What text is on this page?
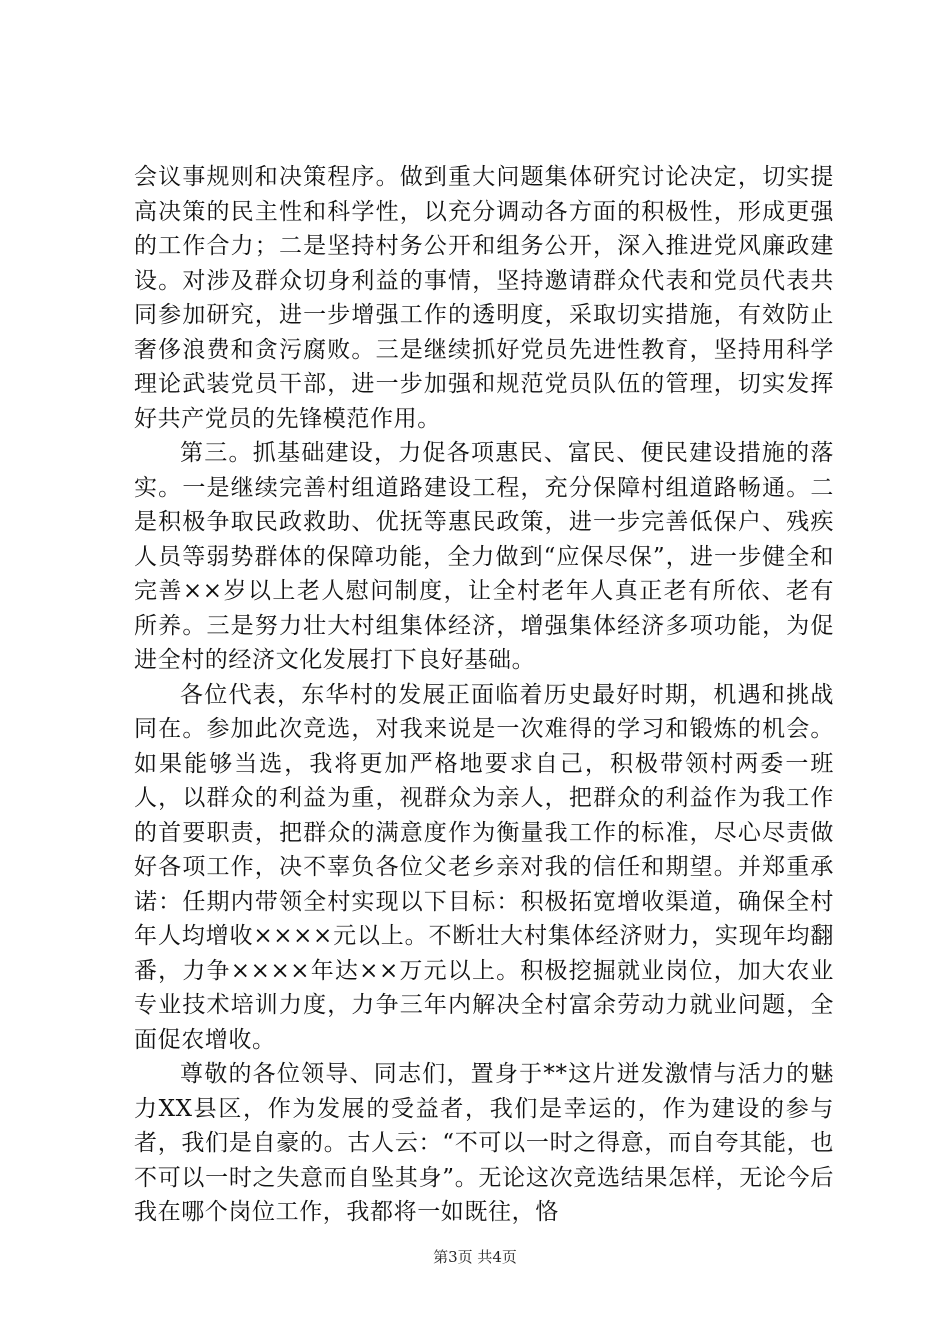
会议事规则和决策程序。做到重大问题集体研究讨论决定，切实提高决策的民主性和科学性，以充分调动各方面的积极性，形成更强的工作合力；二是坚持村务公开和组务公开，深入推进党风廉政建设。对涉及群众切身利益的事情，坚持邀请群众代表和党员代表共同参加研究，进一步增强工作的透明度，采取切实措施，有效防止奢侈浪费和贪污腐败。三是继续抓好党员先进性教育，坚持用科学理论武装党员干部，进一步加强和规范党员队伍的管理，切实发挥好共产党员的先锋模范作用。

第三。抓基础建设，力促各项惠民、富民、便民建设措施的落实。一是继续完善村组道路建设工程，充分保障村组道路畅通。二是积极争取民政救助、优抚等惠民政策，进一步完善低保户、残疾人员等弱势群体的保障功能，全力做到“应保尽保”，进一步健全和完善××岁以上老人慰问制度，让全村老年人真正老有所依、老有所养。三是努力壮大村组集体经济，增强集体经济多项功能，为促进全村的经济文化发展打下良好基础。

各位代表，东华村的发展正面临着历史最好时期，机遇和挑战同在。参加此次竞选，对我来说是一次难得的学习和锻炼的机会。如果能够当选，我将更加严格地要求自己，积极带领村两委一班人，以群众的利益为重，视群众为亲人，把群众的利益作为我工作的首要职责，把群众的满意度作为衡量我工作的标准，尽心尽责做好各项工作，决不辜负各位父老乡亲对我的信任和期望。并郑重承诺：任期内带领全村实现以下目标：积极拓宽增收渠道，确保全村年人均增收××××元以上。不断壮大村集体经济财力，实现年均翻番，力争××××年达××万元以上。积极挖掘就业岗位，加大农业专业技术培训力度，力争三年内解决全村富余劳动力就业问题，全面促农增收。

尊敬的各位领导、同志们，置身于**这片迸发激情与活力的魅力XX县区，作为发展的受益者，我们是幸运的，作为建设的参与者，我们是自豪的。古人云：“不可以一时之得意，而自夸其能，也不可以一时之失意而自坠其身”。无论这次竞选结果怎样，无论今后我在哪个岗位工作，我都将一如既往，恪

第3页 共4页
